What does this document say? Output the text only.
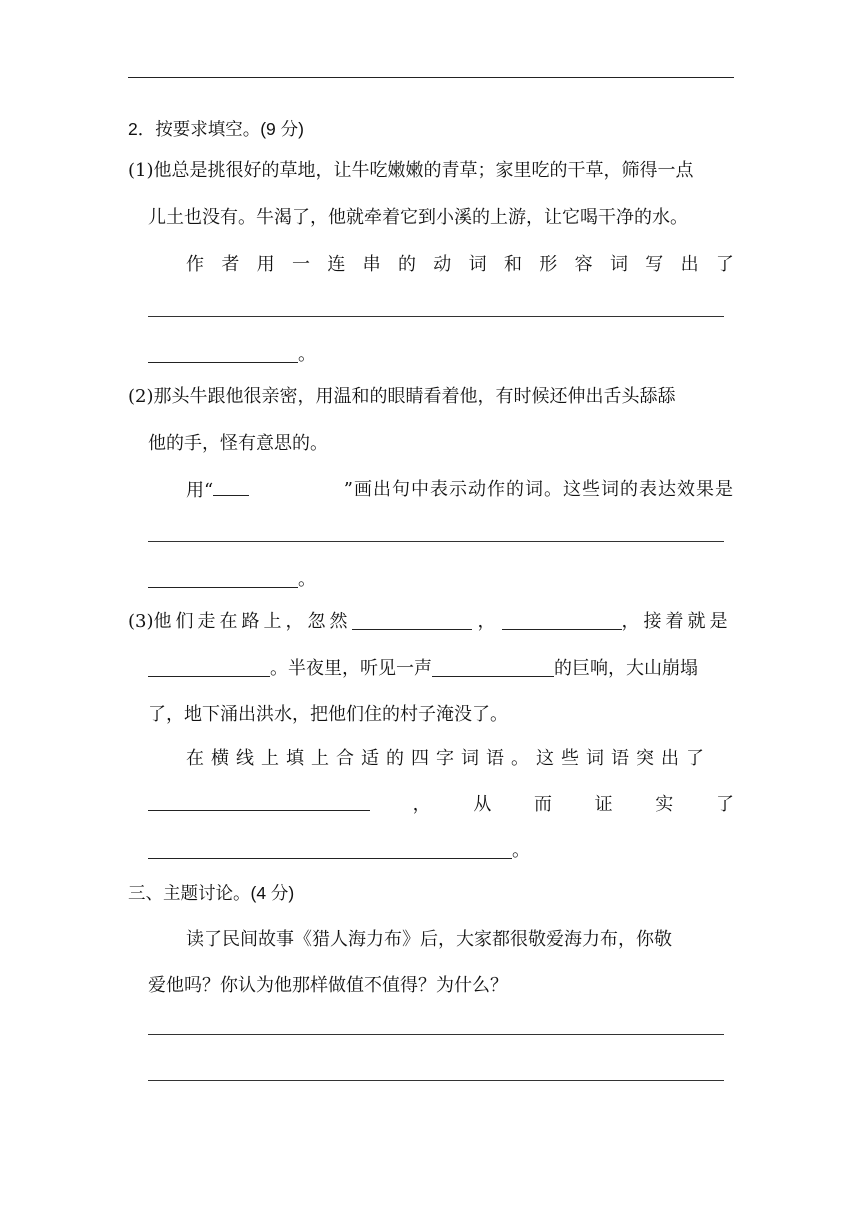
2．按要求填空。(9 分)
(1)他总是挑很好的草地，让牛吃嫩嫩的青草；家里吃的干草，筛得一点
儿土也没有。牛渴了，他就牵着它到小溪的上游，让它喝干净的水。
作 者 用 一 连 串 的 动 词 和 形 容 词 写 出 了
。
(2)那头牛跟他很亲密，用温和的眼睛看着他，有时候还伸出舌头舔舔
他的手，怪有意思的。
用“	”画出句中表示动作的词。这些词的表达效果是
。
(3)他们走在路上，忽然	，	，接着就是
。半夜里，听见一声	的巨响，大山崩塌
了，地下涌出洪水，把他们住的村子淹没了。
在横线上填上合适的四字词语。这些词语突出了
， 从 而 证 实 了
。
三、主题讨论。(4 分)
读了民间故事《猎人海力布》后，大家都很敬爱海力布，你敬
爱他吗？你认为他那样做值不值得？为什么？
